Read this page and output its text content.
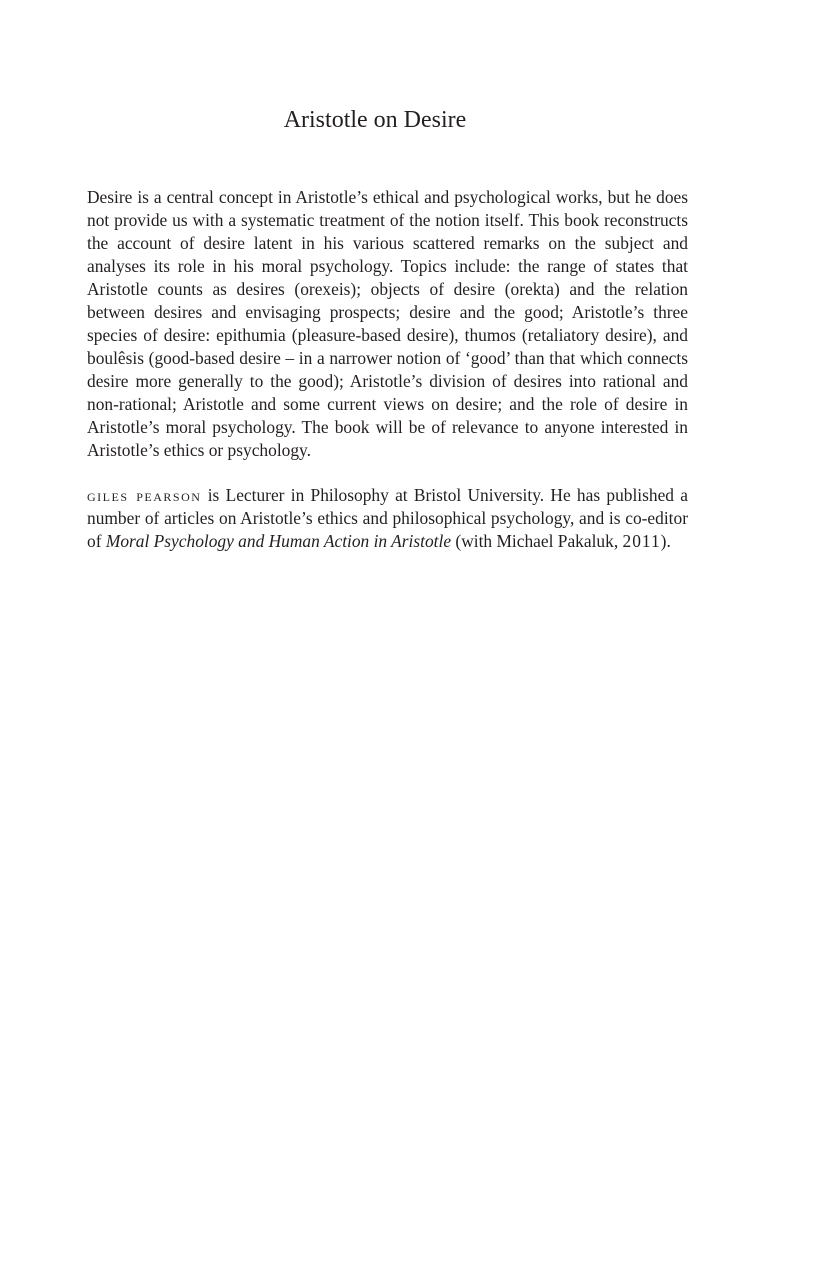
Aristotle on Desire

Desire is a central concept in Aristotle’s ethical and psychological works, but he does not provide us with a systematic treatment of the notion itself. This book reconstructs the account of desire latent in his various scattered remarks on the subject and analyses its role in his moral psychology. Topics include: the range of states that Aristotle counts as desires (orexeis); objects of desire (orekta) and the relation between desires and envisaging prospects; desire and the good; Aristotle’s three species of desire: epithumia (pleasure-based desire), thumos (retaliatory desire), and boulêsis (good-based desire – in a narrower notion of ‘good’ than that which connects desire more generally to the good); Aristotle’s division of desires into rational and non-rational; Aristotle and some current views on desire; and the role of desire in Aristotle’s moral psychology. The book will be of relevance to anyone interested in Aristotle’s ethics or psychology.

giles pearson is Lecturer in Philosophy at Bristol University. He has published a number of articles on Aristotle’s ethics and philosophical psychology, and is co-editor of Moral Psychology and Human Action in Aristotle (with Michael Pakaluk, 2011).
